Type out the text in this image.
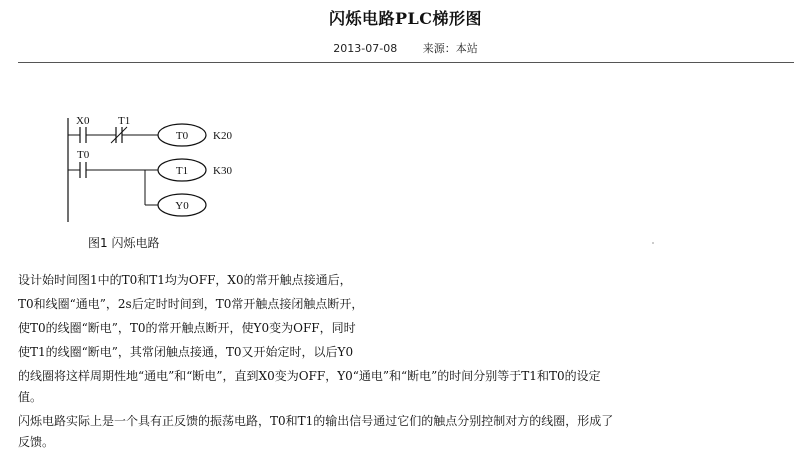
闪烁电路PLC梯形图
2013-07-08 来源：本站
X0	T1
T0 K20
T0
T1 K30
Y0
图1 闪烁电路
设计始时间图1中的T0和T1均为OFF，X0的常开触点接通后，
T0和线圈“通电”，2s后定时时间到，T0常开触点接闭触点断开，
使T0的线圈“断电”，T0的常开触点断开，使Y0变为OFF，同时
使T1的线圈“断电”，其常闭触点接通，T0又开始定时，以后Y0
的线圈将这样周期性地“通电”和“断电”，直到X0变为OFF，Y0“通电”和“断电”的时间分别等于T1和T0的设定
值。
闪烁电路实际上是一个具有正反馈的振荡电路，T0和T1的输出信号通过它们的触点分别控制对方的线圈，形成了
反馈。
